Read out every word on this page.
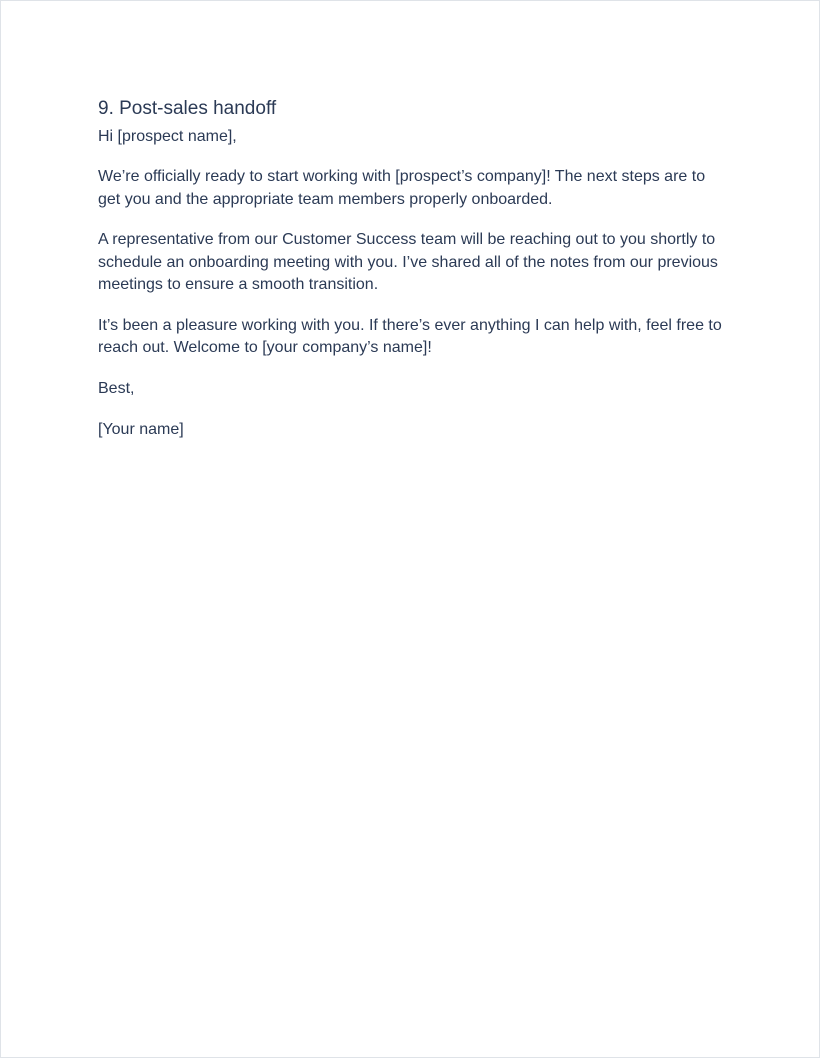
9. Post-sales handoff

Hi [prospect name],

We’re officially ready to start working with [prospect’s company]! The next steps are to get you and the appropriate team members properly onboarded.

A representative from our Customer Success team will be reaching out to you shortly to schedule an onboarding meeting with you. I’ve shared all of the notes from our previous meetings to ensure a smooth transition.

It’s been a pleasure working with you. If there’s ever anything I can help with, feel free to reach out. Welcome to [your company’s name]!

Best,

[Your name]
